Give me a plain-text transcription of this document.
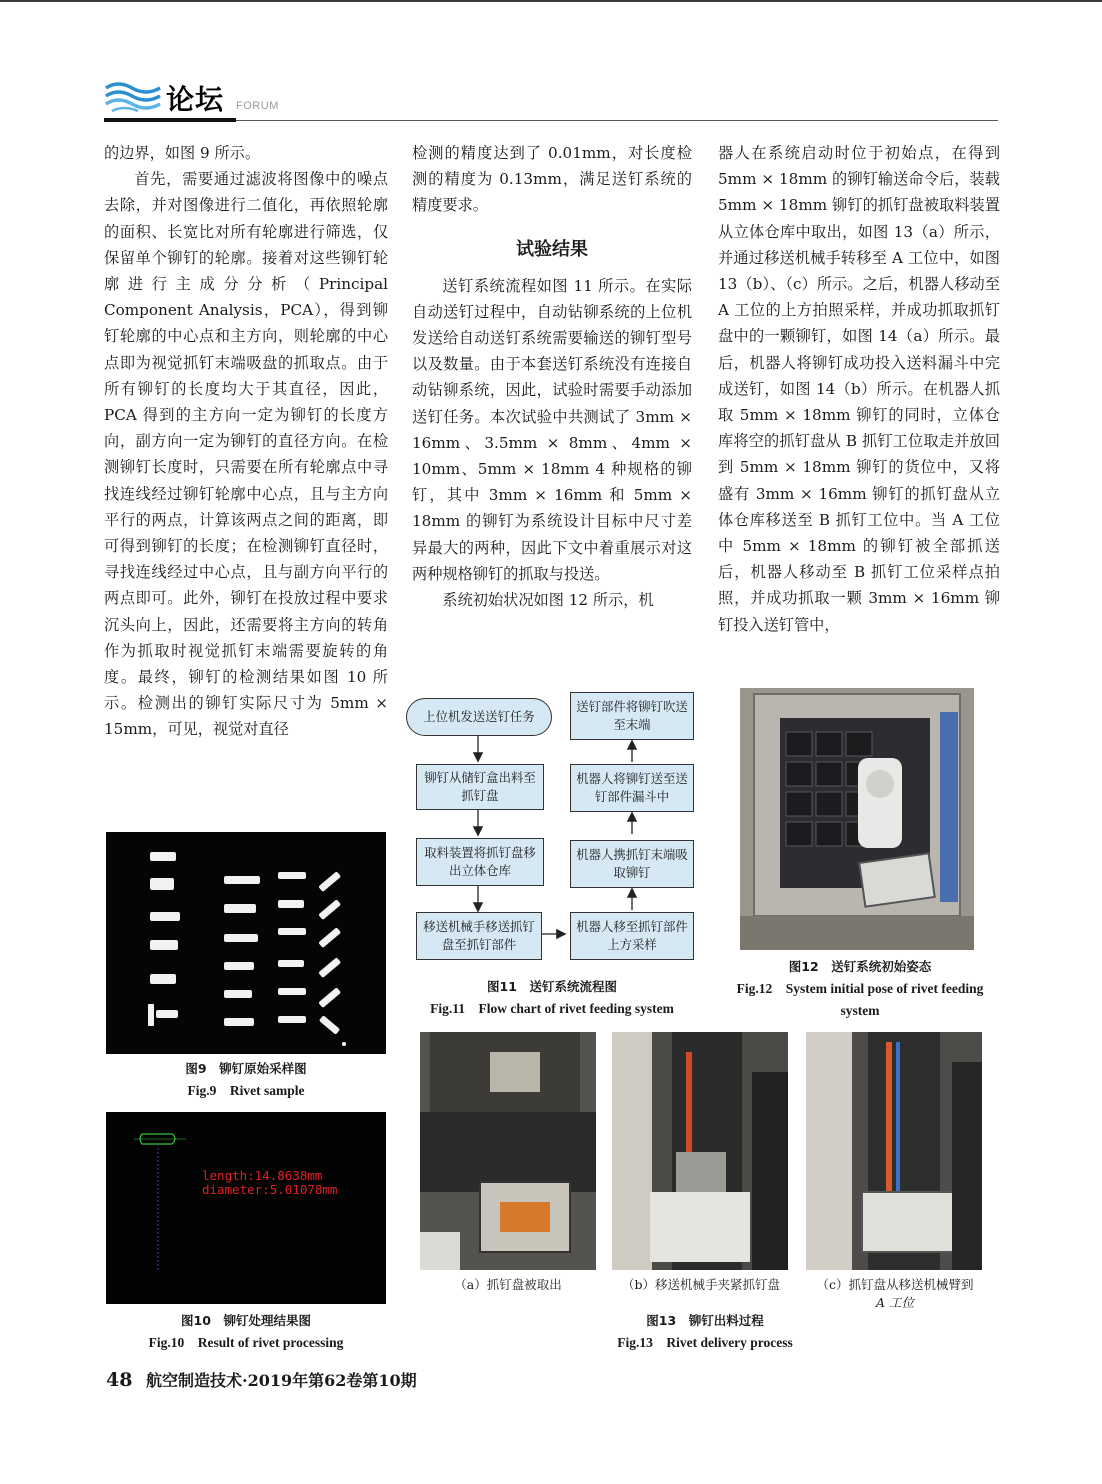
论坛 FORUM

的边界，如图 9 所示。

首先，需要通过滤波将图像中的噪点去除，并对图像进行二值化，再依照轮廓的面积、长宽比对所有轮廓进行筛选，仅保留单个铆钉的轮廓。接着对这些铆钉轮廓进行主成分分析（Principal Component Analysis，PCA），得到铆钉轮廓的中心点和主方向，则轮廓的中心点即为视觉抓钉末端吸盘的抓取点。由于所有铆钉的长度均大于其直径，因此，PCA 得到的主方向一定为铆钉的长度方向，副方向一定为铆钉的直径方向。在检测铆钉长度时，只需要在所有轮廓点中寻找连线经过铆钉轮廓中心点，且与主方向平行的两点，计算该两点之间的距离，即可得到铆钉的长度；在检测铆钉直径时，寻找连线经过中心点，且与副方向平行的两点即可。此外，铆钉在投放过程中要求沉头向上，因此，还需要将主方向的转角作为抓取时视觉抓钉末端需要旋转的角度。最终，铆钉的检测结果如图 10 所示。检测出的铆钉实际尺寸为 5mm × 15mm，可见，视觉对直径

检测的精度达到了 0.01mm，对长度检测的精度为 0.13mm，满足送钉系统的精度要求。

试验结果

送钉系统流程如图 11 所示。在实际自动送钉过程中，自动钻铆系统的上位机发送给自动送钉系统需要输送的铆钉型号以及数量。由于本套送钉系统没有连接自动钻铆系统，因此，试验时需要手动添加送钉任务。本次试验中共测试了 3mm × 16mm、3.5mm × 8mm、4mm × 10mm、5mm × 18mm 4 种规格的铆钉，其中 3mm × 16mm 和 5mm × 18mm 的铆钉为系统设计目标中尺寸差异最大的两种，因此下文中着重展示对这两种规格铆钉的抓取与投送。

系统初始状况如图 12 所示，机

器人在系统启动时位于初始点，在得到 5mm × 18mm 的铆钉输送命令后，装载 5mm × 18mm 铆钉的抓钉盘被取料装置从立体仓库中取出，如图 13（a）所示，并通过移送机械手转移至 A 工位中，如图 13（b）、（c）所示。之后，机器人移动至 A 工位的上方拍照采样，并成功抓取抓钉盘中的一颗铆钉，如图 14（a）所示。最后，机器人将铆钉成功投入送料漏斗中完成送钉，如图 14（b）所示。在机器人抓取 5mm × 18mm 铆钉的同时，立体仓库将空的抓钉盘从 B 抓钉工位取走并放回到 5mm × 18mm 铆钉的货位中，又将盛有 3mm × 16mm 铆钉的抓钉盘从立体仓库移送至 B 抓钉工位中。当 A 工位中 5mm × 18mm 的铆钉被全部抓送后，机器人移动至 B 抓钉工位采样点拍照，并成功抓取一颗 3mm × 16mm 铆钉投入送钉管中，

图9　铆钉原始采样图
Fig.9　Rivet sample
length:14.8638mm
diameter:5.01078mm
图10　铆钉处理结果图
Fig.10　Result of rivet processing
上位机发送送钉任务
铆钉从储钉盒出料至抓钉盘
取料装置将抓钉盘移出立体仓库
移送机械手移送抓钉盘至抓钉部件
机器人移至抓钉部件上方采样
机器人携抓钉末端吸取铆钉
机器人将铆钉送至送钉部件漏斗中
送钉部件将铆钉吹送至末端
图11　送钉系统流程图
Fig.11　Flow chart of rivet feeding system
图12　送钉系统初始姿态
Fig.12　System initial pose of rivet feeding
system
（a）抓钉盘被取出	（b）移送机械手夹紧抓钉盘	（c）抓钉盘从移送机械臂到
A 工位
图13　铆钉出料过程
Fig.13　Rivet delivery process
48 航空制造技术·2019年第62卷第10期
